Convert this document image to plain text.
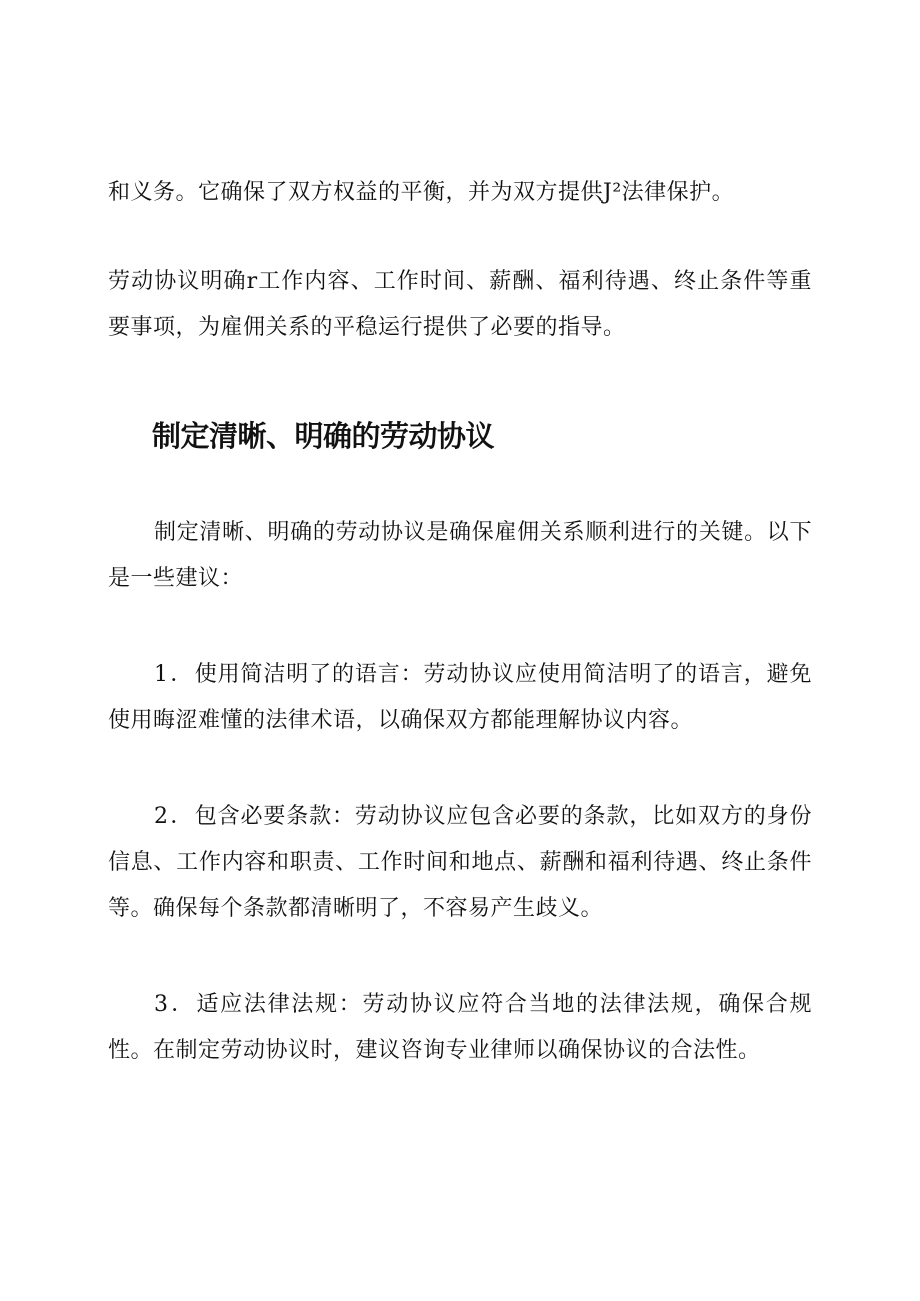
和义务。它确保了双方权益的平衡，并为双方提供J²法律保护。

劳动协议明确r工作内容、工作时间、薪酬、福利待遇、终止条件等重要事项，为雇佣关系的平稳运行提供了必要的指导。

制定清晰、明确的劳动协议

制定清晰、明确的劳动协议是确保雇佣关系顺利进行的关键。以下是一些建议：

1．使用简洁明了的语言：劳动协议应使用简洁明了的语言，避免使用晦涩难懂的法律术语，以确保双方都能理解协议内容。

2．包含必要条款：劳动协议应包含必要的条款，比如双方的身份信息、工作内容和职责、工作时间和地点、薪酬和福利待遇、终止条件等。确保每个条款都清晰明了，不容易产生歧义。

3．适应法律法规：劳动协议应符合当地的法律法规，确保合规性。在制定劳动协议时，建议咨询专业律师以确保协议的合法性。
